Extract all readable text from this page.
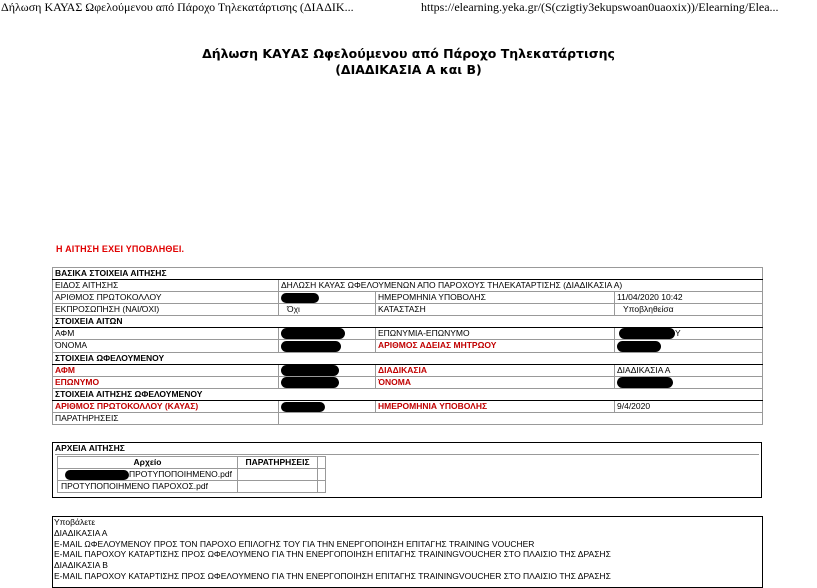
Δήλωση ΚΑΥΑΣ Ωφελούμενου από Πάροχο Τηλεκατάρτισης (ΔΙΑΔΙΚ...	https://elearning.yeka.gr/(S(czigtiy3ekupswoan0uaoxix))/Elearning/Elea...
Δήλωση ΚΑΥΑΣ Ωφελούμενου από Πάροχο Τηλεκατάρτισης
(ΔΙΑΔΙΚΑΣΙΑ Α και Β)
Η ΑΙΤΗΣΗ ΕΧΕΙ ΥΠΟΒΛΗΘΕΙ.
ΒΑΣΙΚΑ ΣΤΟΙΧΕΙΑ ΑΙΤΗΣΗΣ			
ΕΙΔΟΣ ΑΙΤΗΣΗΣ	ΔΗΛΩΣΗ ΚΑΥΑΣ ΩΦΕΛΟΥΜΕΝΩΝ ΑΠΟ ΠΑΡΟΧΟΥΣ ΤΗΛΕΚΑΤΑΡΤΙΣΗΣ (ΔΙΑΔΙΚΑΣΙΑ Α)		
ΑΡΙΘΜΟΣ ΠΡΩΤΟΚΟΛΛΟΥ		ΗΜΕΡΟΜΗΝΙΑ ΥΠΟΒΟΛΗΣ	11/04/2020 10:42
ΕΚΠΡΟΣΩΠΗΣΗ (ΝΑΙ/ΌΧΙ)	Όχι	ΚΑΤΑΣΤΑΣΗ	Υποβληθείσα
ΣΤΟΙΧΕΙΑ ΑΙΤΩΝ			
ΑΦΜ		ΕΠΩΝΥΜΙΑ-ΕΠΩΝΥΜΟ	Υ
ΌΝΟΜΑ		ΑΡΙΘΜΟΣ ΑΔΕΙΑΣ ΜΗΤΡΩΟΥ	
ΣΤΟΙΧΕΙΑ ΩΦΕΛΟΥΜΕΝΟΥ			
ΑΦΜ		ΔΙΑΔΙΚΑΣΙΑ	ΔΙΑΔΙΚΑΣΙΑ Α
ΕΠΩΝΥΜΟ		ΌΝΟΜΑ	
ΣΤΟΙΧΕΙΑ ΑΙΤΗΣΗΣ ΩΦΕΛΟΥΜΕΝΟΥ			
ΑΡΙΘΜΟΣ ΠΡΩΤΟΚΟΛΛΟΥ (ΚΑΥΑΣ)		ΗΜΕΡΟΜΗΝΙΑ ΥΠΟΒΟΛΗΣ	9/4/2020
ΠΑΡΑΤΗΡΗΣΕΙΣ			
ΑΡΧΕΙΑ ΑΙΤΗΣΗΣ
Αρχείο	ΠΑΡΑΤΗΡΗΣΕΙΣ	
ΠΡΟΤΥΠΟΠΟΙΗΜΕΝΟ.pdf		
ΠΡΟΤΥΠΟΠΟΙΗΜΕΝΟ ΠΑΡΟΧΟΣ.pdf		
Υποβάλετε
ΔΙΑΔΙΚΑΣΙΑ Α
E-MAIL ΩΦΕΛΟΥΜΕΝΟΥ ΠΡΟΣ ΤΟΝ ΠΑΡΟΧΟ ΕΠΙΛΟΓΗΣ ΤΟΥ ΓΙΑ ΤΗΝ ΕΝΕΡΓΟΠΟΙΗΣΗ ΕΠΙΤΑΓΗΣ TRAINING VOUCHER
E-MAIL ΠΑΡΟΧΟΥ ΚΑΤΑΡΤΙΣΗΣ ΠΡΟΣ ΩΦΕΛΟΥΜΕΝΟ ΓΙΑ ΤΗΝ ΕΝΕΡΓΟΠΟΙΗΣΗ ΕΠΙΤΑΓΗΣ TRAININGVOUCHER ΣΤΟ ΠΛΑΙΣΙΟ ΤΗΣ ΔΡΑΣΗΣ
ΔΙΑΔΙΚΑΣΙΑ Β
E-MAIL ΠΑΡΟΧΟΥ ΚΑΤΑΡΤΙΣΗΣ ΠΡΟΣ ΩΦΕΛΟΥΜΕΝΟ ΓΙΑ ΤΗΝ ΕΝΕΡΓΟΠΟΙΗΣΗ ΕΠΙΤΑΓΗΣ TRAININGVOUCHER ΣΤΟ ΠΛΑΙΣΙΟ ΤΗΣ ΔΡΑΣΗΣ
